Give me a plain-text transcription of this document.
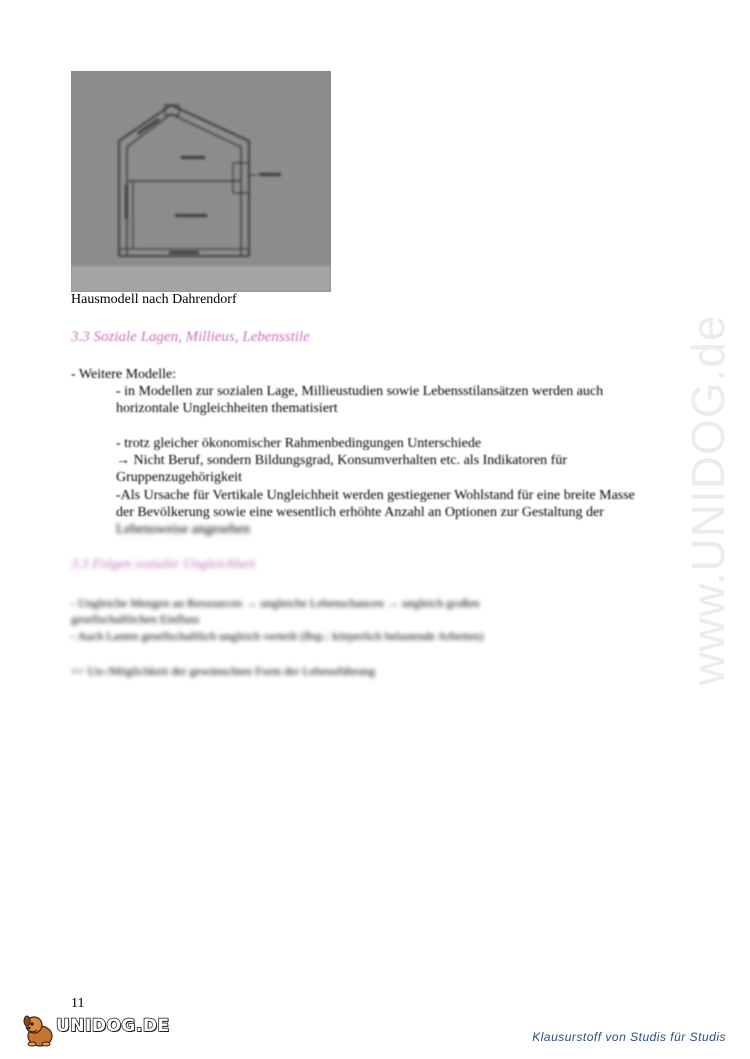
www.UNIDOG.de
Hausmodell nach Dahrendorf
3.3 Soziale Lagen, Millieus, Lebensstile
- Weitere Modelle:
- in Modellen zur sozialen Lage, Millieustudien sowie Lebensstilansätzen werden auch
horizontale Ungleichheiten thematisiert
- trotz gleicher ökonomischer Rahmenbedingungen Unterschiede
→ Nicht Beruf, sondern Bildungsgrad, Konsumverhalten etc. als Indikatoren für
Gruppenzugehörigkeit
-Als Ursache für Vertikale Ungleichheit werden gestiegener Wohlstand für eine breite Masse
der Bevölkerung sowie eine wesentlich erhöhte Anzahl an Optionen zur Gestaltung der
Lebensweise angesehen
3.3 Folgen sozialer Ungleichheit
- Ungleiche Mengen an Ressourcen → ungleiche Lebenschancen → ungleich großen
gesellschaftlichen Einfluss
- Auch Lasten gesellschaftlich ungleich verteilt (Bsp.: körperlich belastende Arbeiten)
=> Un-/Möglichkeit der gewünschten Form der Lebensführung
11
UNIDOG.DE
Klausurstoff von Studis für Studis
